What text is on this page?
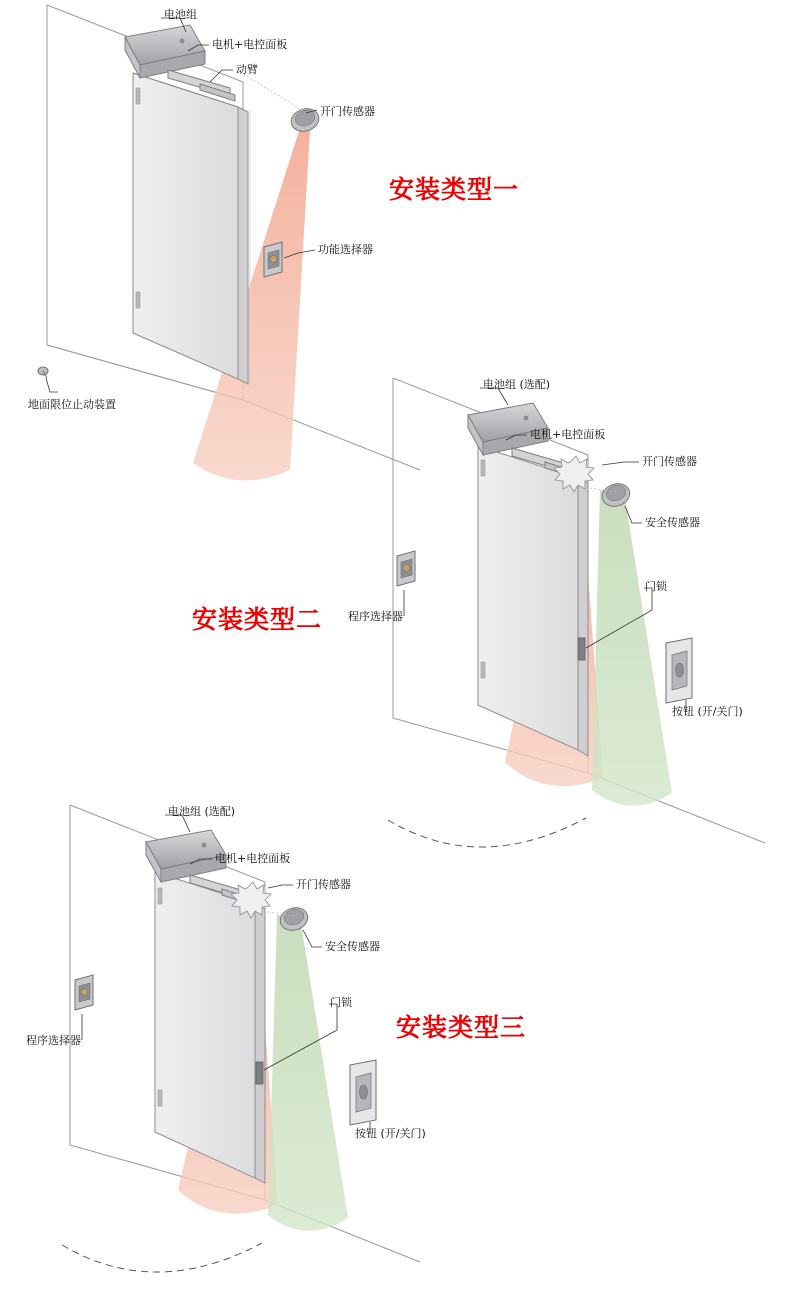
安装类型一
安装类型二
安装类型三
电池组
电机+电控面板
动臂
开门传感器
功能选择器
地面限位止动装置
电池组 (选配)
电机+电控面板
开门传感器
安全传感器
门锁
按钮 (开/关门)
程序选择器
电池组 (选配)
电机+电控面板
开门传感器
安全传感器
门锁
按钮 (开/关门)
程序选择器
